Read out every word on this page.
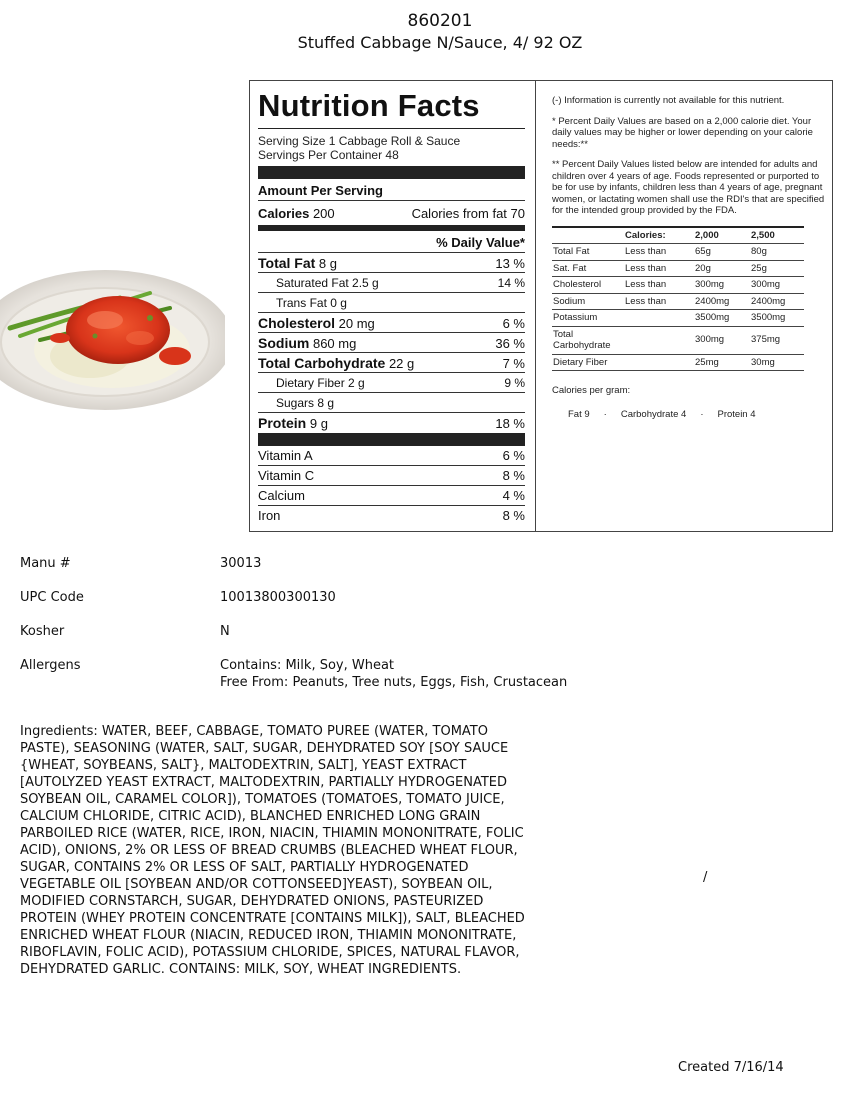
860201
Stuffed Cabbage N/Sauce, 4/ 92 OZ
Nutrition Facts
Serving Size 1 Cabbage Roll & Sauce
Servings Per Container 48
Amount Per Serving
Calories 200	Calories from fat 70
% Daily Value*
Total Fat 8 g	13 %
Saturated Fat 2.5 g	14 %
Trans Fat 0 g
Cholesterol 20 mg	6 %
Sodium 860 mg	36 %
Total Carbohydrate 22 g	7 %
Dietary Fiber 2 g	9 %
Sugars 8 g
Protein 9 g	18 %
Vitamin A	6 %
Vitamin C	8 %
Calcium	4 %
Iron	8 %

(-) Information is currently not available for this nutrient.

* Percent Daily Values are based on a 2,000 calorie diet. Your daily values may be higher or lower depending on your calorie needs:**

** Percent Daily Values listed below are intended for adults and children over 4 years of age. Foods represented or purported to be for use by infants, children less than 4 years of age, pregnant women, or lactating women shall use the RDI's that are specified for the intended group provided by the FDA.

	Calories:	2,000	2,500
Total Fat	Less than	65g	80g
Sat. Fat	Less than	20g	25g
Cholesterol	Less than	300mg	300mg
Sodium	Less than	2400mg	2400mg
Potassium		3500mg	3500mg
Total Carbohydrate		300mg	375mg
Dietary Fiber		25mg	30mg
Calories per gram:
Fat 9 · Carbohydrate 4 · Protein 4
Manu #	30013
UPC Code	10013800300130
Kosher	N
Allergens	Contains: Milk, Soy, Wheat
Free From: Peanuts, Tree nuts, Eggs, Fish, Crustacean
Ingredients: WATER, BEEF, CABBAGE, TOMATO PUREE (WATER, TOMATO
PASTE), SEASONING (WATER, SALT, SUGAR, DEHYDRATED SOY [SOY SAUCE
{WHEAT, SOYBEANS, SALT}, MALTODEXTRIN, SALT], YEAST EXTRACT
[AUTOLYZED YEAST EXTRACT, MALTODEXTRIN, PARTIALLY HYDROGENATED
SOYBEAN OIL, CARAMEL COLOR]), TOMATOES (TOMATOES, TOMATO JUICE,
CALCIUM CHLORIDE, CITRIC ACID), BLANCHED ENRICHED LONG GRAIN
PARBOILED RICE (WATER, RICE, IRON, NIACIN, THIAMIN MONONITRATE, FOLIC
ACID), ONIONS, 2% OR LESS OF BREAD CRUMBS (BLEACHED WHEAT FLOUR,
SUGAR, CONTAINS 2% OR LESS OF SALT, PARTIALLY HYDROGENATED
VEGETABLE OIL [SOYBEAN AND/OR COTTONSEED]YEAST), SOYBEAN OIL,
MODIFIED CORNSTARCH, SUGAR, DEHYDRATED ONIONS, PASTEURIZED
PROTEIN (WHEY PROTEIN CONCENTRATE [CONTAINS MILK]), SALT, BLEACHED
ENRICHED WHEAT FLOUR (NIACIN, REDUCED IRON, THIAMIN MONONITRATE,
RIBOFLAVIN, FOLIC ACID), POTASSIUM CHLORIDE, SPICES, NATURAL FLAVOR,
DEHYDRATED GARLIC. CONTAINS: MILK, SOY, WHEAT INGREDIENTS.
/
Created 7/16/14
